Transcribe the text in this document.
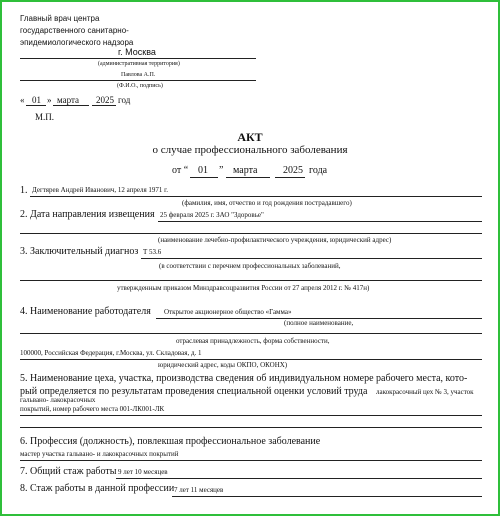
Главный врач центра
государственного санитарно-
эпидемиологического надзора
г. Москва
(административная территория)
Павлова А.П.
(Ф.И.О., подпись)
« 01 » марта 2025 год
М.П.
АКТ
о случае профессионального заболевания
от “ 01 ” марта	2025 года
1. Дегтярев Андрей Иванович, 12 апреля 1971 г.
(фамилия, имя, отчество и год рождения пострадавшего)
2. Дата направления извещения 25 февраля 2025 г. ЗАО "Здоровье"
(наименование лечебно-профилактического учреждения, юридический адрес)
3. Заключительный диагноз Т 53.6
(в соответствии с перечнем профессиональных заболеваний,
утвержденным приказом Минздравсоцразвития России от 27 апреля 2012 г. № 417н)
4. Наименование работодателя Открытое акционерное общество «Гамма»
(полное наименование,
отраслевая принадлежность, форма собственности,
100000, Российская Федерация, г.Москва, ул. Складовая, д. 1
юридический адрес, коды ОКПО, ОКОНХ)
5. Наименование цеха, участка, производства сведения об индивидуальном номере рабочего места, кото-
рый определяется по результатам проведения специальной оценки условий труда лакокрасочный цех № 3, участок
гальвано- лакокрасочных
покрытий, номер рабочего места 001-ЛК001-ЛК
6. Профессия (должность), повлекшая профессиональное заболевание
мастер участка гальвано- и лакокрасочных покрытий
7. Общий стаж работы 9 лет 10 месяцев
8. Стаж работы в данной профессии 7 лет 11 месяцев
